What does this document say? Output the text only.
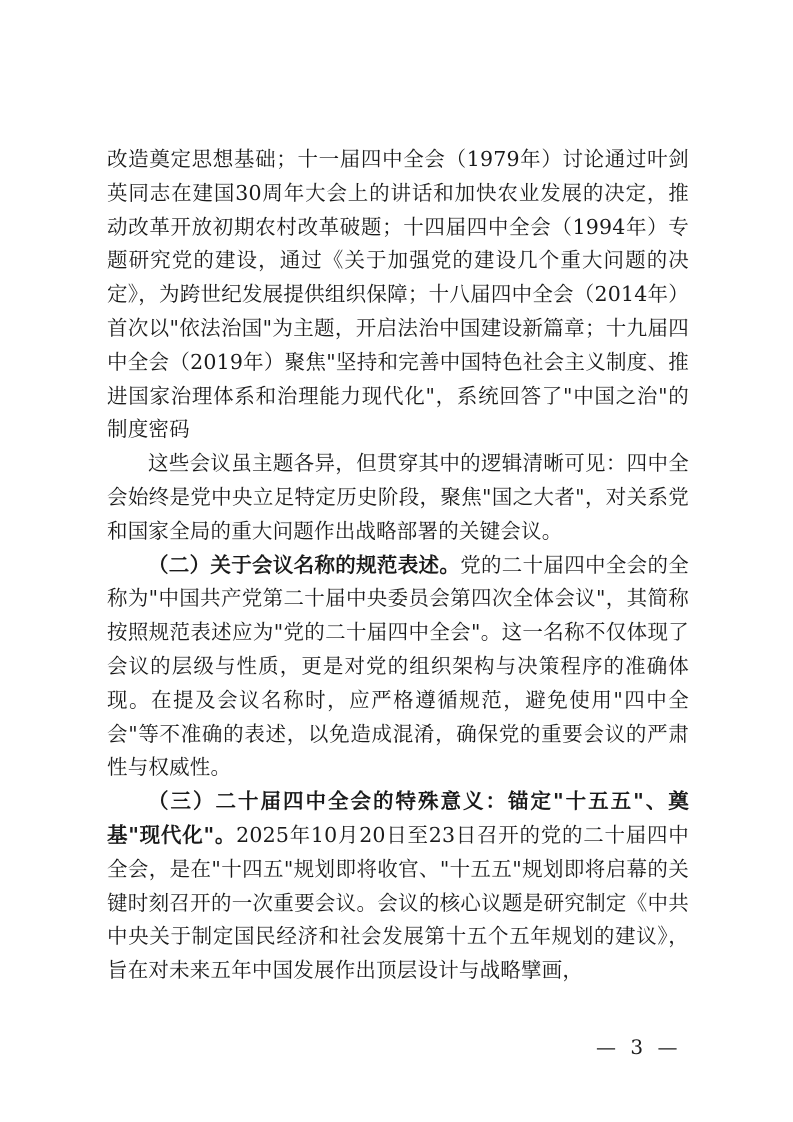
改造奠定思想基础；十一届四中全会（1979年）讨论通过叶剑英同志在建国30周年大会上的讲话和加快农业发展的决定，推动改革开放初期农村改革破题；十四届四中全会（1994年）专题研究党的建设，通过《关于加强党的建设几个重大问题的决定》，为跨世纪发展提供组织保障；十八届四中全会（2014年）首次以"依法治国"为主题，开启法治中国建设新篇章；十九届四中全会（2019年）聚焦"坚持和完善中国特色社会主义制度、推进国家治理体系和治理能力现代化"，系统回答了"中国之治"的制度密码

这些会议虽主题各异，但贯穿其中的逻辑清晰可见：四中全会始终是党中央立足特定历史阶段，聚焦"国之大者"，对关系党和国家全局的重大问题作出战略部署的关键会议。

（二）关于会议名称的规范表述。党的二十届四中全会的全称为"中国共产党第二十届中央委员会第四次全体会议"，其简称按照规范表述应为"党的二十届四中全会"。这一名称不仅体现了会议的层级与性质，更是对党的组织架构与决策程序的准确体现。在提及会议名称时，应严格遵循规范，避免使用"四中全会"等不准确的表述，以免造成混淆，确保党的重要会议的严肃性与权威性。

（三）二十届四中全会的特殊意义：锚定"十五五"、奠基"现代化"。2025年10月20日至23日召开的党的二十届四中全会，是在"十四五"规划即将收官、"十五五"规划即将启幕的关键时刻召开的一次重要会议。会议的核心议题是研究制定《中共中央关于制定国民经济和社会发展第十五个五年规划的建议》，旨在对未来五年中国发展作出顶层设计与战略擘画，

— 3 —
